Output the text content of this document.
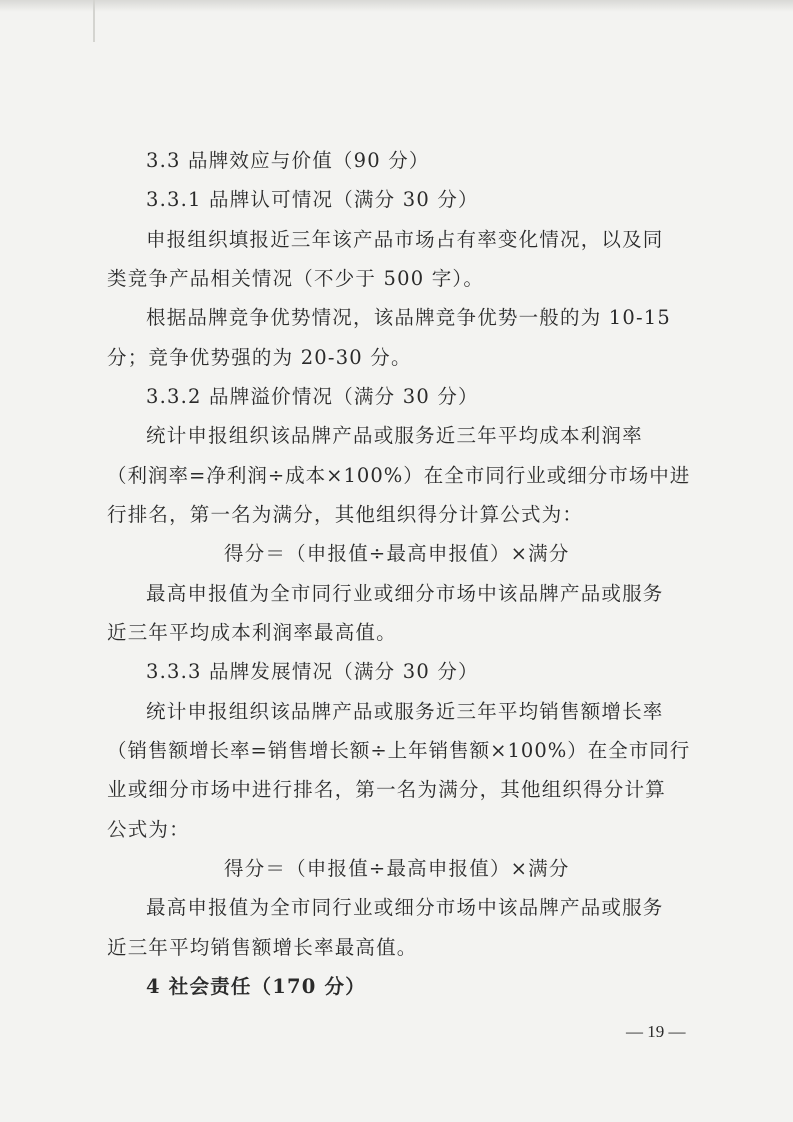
3.3 品牌效应与价值（90 分）
3.3.1 品牌认可情况（满分 30 分）
申报组织填报近三年该产品市场占有率变化情况，以及同
类竞争产品相关情况（不少于 500 字）。
根据品牌竞争优势情况，该品牌竞争优势一般的为 10-15
分；竞争优势强的为 20-30 分。
3.3.2 品牌溢价情况（满分 30 分）
统计申报组织该品牌产品或服务近三年平均成本利润率
（利润率=净利润÷成本×100%）在全市同行业或细分市场中进
行排名，第一名为满分，其他组织得分计算公式为：
得分＝（申报值÷最高申报值）×满分
最高申报值为全市同行业或细分市场中该品牌产品或服务
近三年平均成本利润率最高值。
3.3.3 品牌发展情况（满分 30 分）
统计申报组织该品牌产品或服务近三年平均销售额增长率
（销售额增长率=销售增长额÷上年销售额×100%）在全市同行
业或细分市场中进行排名，第一名为满分，其他组织得分计算
公式为：
得分＝（申报值÷最高申报值）×满分
最高申报值为全市同行业或细分市场中该品牌产品或服务
近三年平均销售额增长率最高值。
4 社会责任（170 分）
— 19 —
